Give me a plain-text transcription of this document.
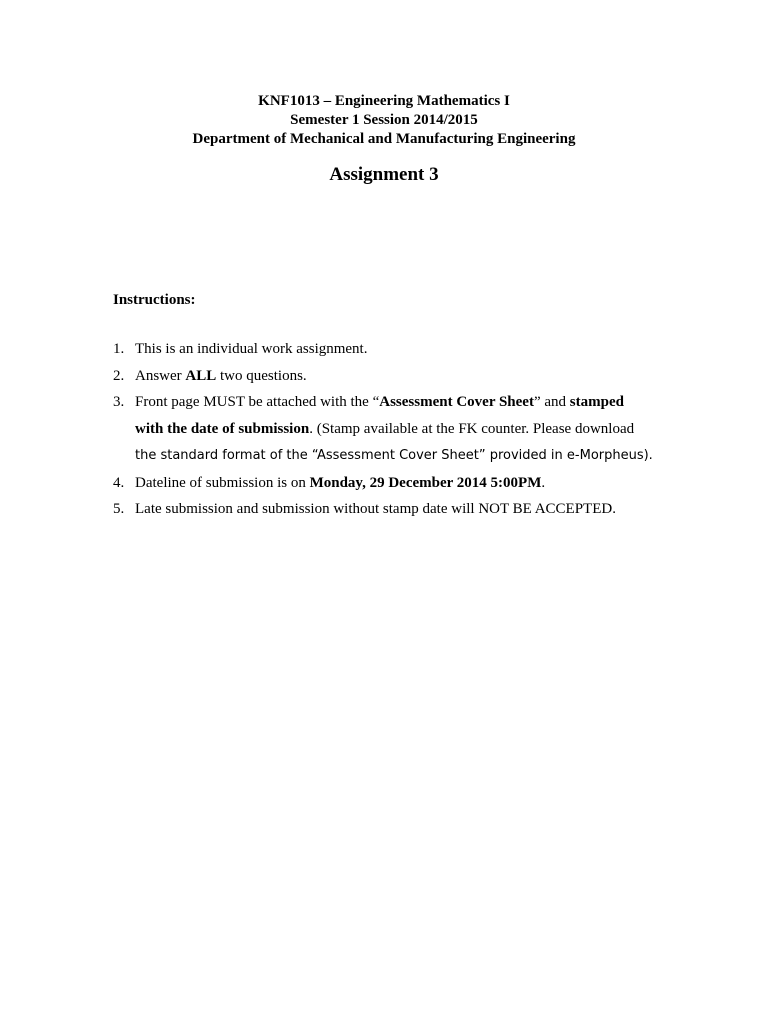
KNF1013 – Engineering Mathematics I
Semester 1 Session 2014/2015
Department of Mechanical and Manufacturing Engineering
Assignment 3
Instructions:
1. This is an individual work assignment.
2. Answer ALL two questions.
3. Front page MUST be attached with the “Assessment Cover Sheet” and stamped
with the date of submission. (Stamp available at the FK counter. Please download
the standard format of the “Assessment Cover Sheet” provided in e-Morpheus).
4. Dateline of submission is on Monday, 29 December 2014 5:00PM.
5. Late submission and submission without stamp date will NOT BE ACCEPTED.
